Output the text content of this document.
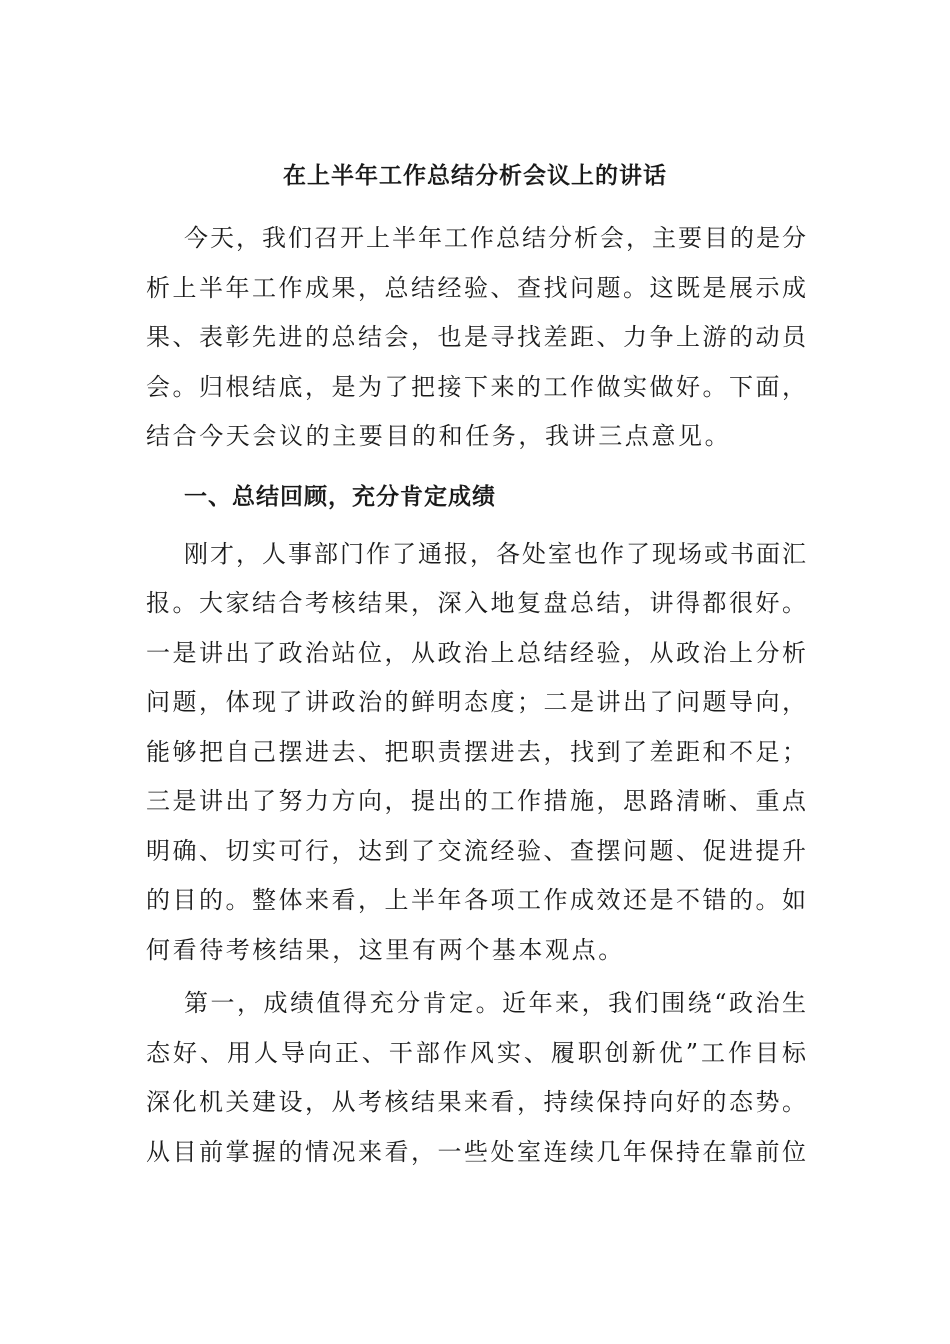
在上半年工作总结分析会议上的讲话
今天，我们召开上半年工作总结分析会，主要目的是分
析上半年工作成果，总结经验、查找问题。这既是展示成
果、表彰先进的总结会，也是寻找差距、力争上游的动员
会。归根结底，是为了把接下来的工作做实做好。下面，
结合今天会议的主要目的和任务，我讲三点意见。
一、总结回顾，充分肯定成绩
刚才，人事部门作了通报，各处室也作了现场或书面汇
报。大家结合考核结果，深入地复盘总结，讲得都很好。
一是讲出了政治站位，从政治上总结经验，从政治上分析
问题，体现了讲政治的鲜明态度；二是讲出了问题导向，
能够把自己摆进去、把职责摆进去，找到了差距和不足；
三是讲出了努力方向，提出的工作措施，思路清晰、重点
明确、切实可行，达到了交流经验、查摆问题、促进提升
的目的。整体来看，上半年各项工作成效还是不错的。如
何看待考核结果，这里有两个基本观点。
第一，成绩值得充分肯定。近年来，我们围绕“政治生
态好、用人导向正、干部作风实、履职创新优”工作目标
深化机关建设，从考核结果来看，持续保持向好的态势。
从目前掌握的情况来看，一些处室连续几年保持在靠前位
